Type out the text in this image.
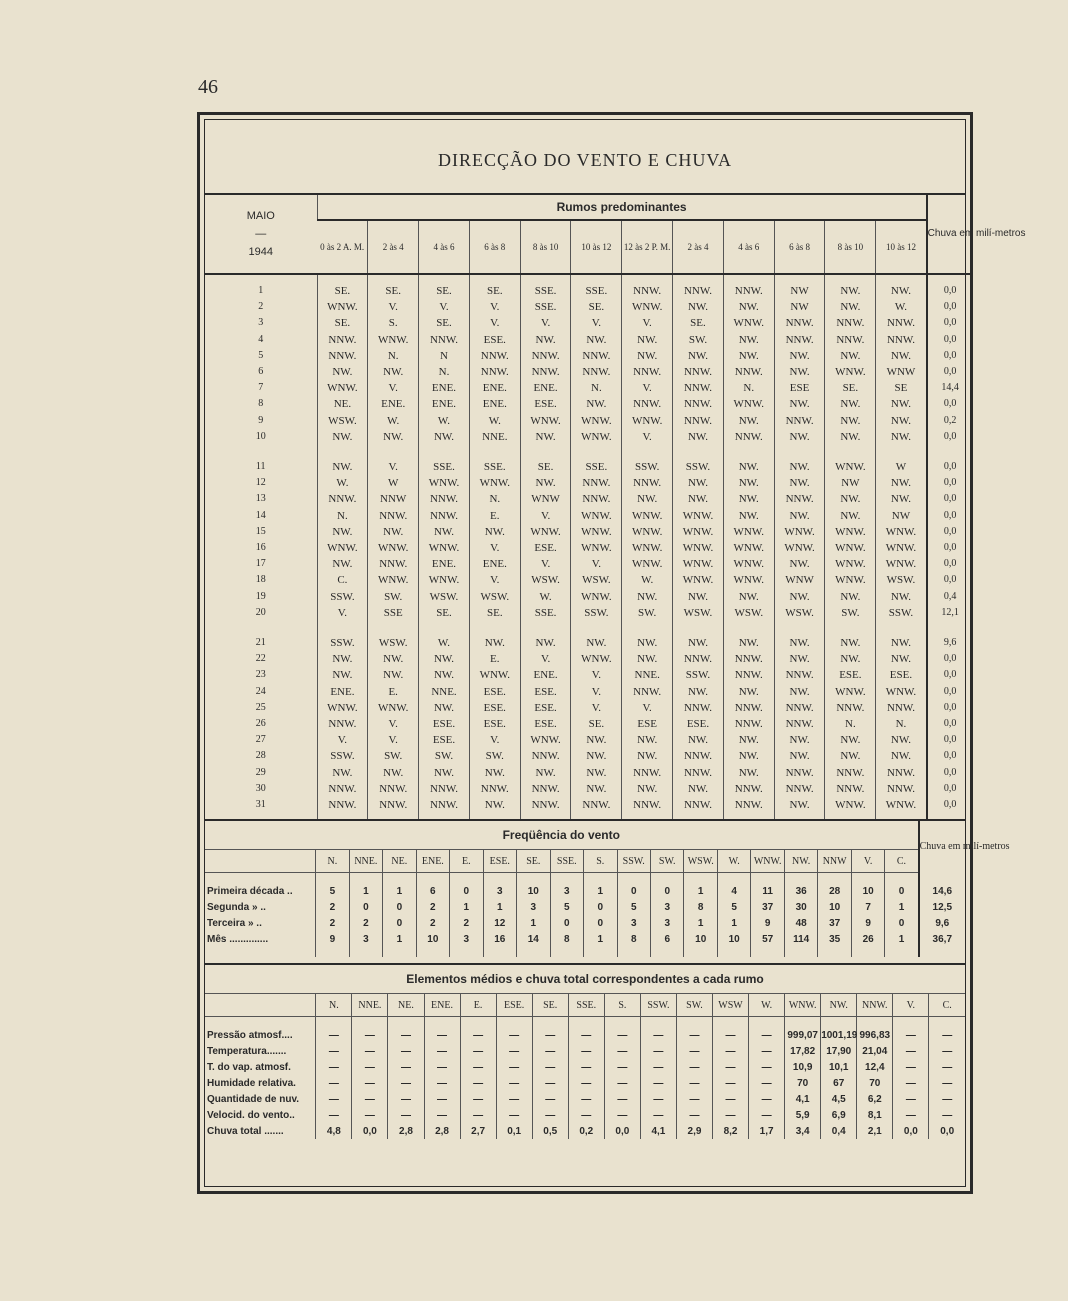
46
DIRECÇÃO DO VENTO E CHUVA
MAIO
—
1944	Rumos predominantes												Chuva em milí-metros
	0 às 2 A. M.	2 às 4	4 às 6	6 às 8	8 às 10	10 às 12	12 às 2 P. M.	2 às 4	4 às 6	6 às 8	8 às 10	10 às 12	
1	SE.	SE.	SE.	SE.	SSE.	SSE.	NNW.	NNW.	NNW.	NW	NW.	NW.	0,0
2	WNW.	V.	V.	V.	SSE.	SE.	WNW.	NW.	NW.	NW	NW.	W.	0,0
3	SE.	S.	SE.	V.	V.	V.	V.	SE.	WNW.	NNW.	NNW.	NNW.	0,0
4	NNW.	WNW.	NNW.	ESE.	NW.	NW.	NW.	SW.	NW.	NNW.	NNW.	NNW.	0,0
5	NNW.	N.	N	NNW.	NNW.	NNW.	NW.	NW.	NW.	NW.	NW.	NW.	0,0
6	NW.	NW.	N.	NNW.	NNW.	NNW.	NNW.	NNW.	NNW.	NW.	WNW.	WNW	0,0
7	WNW.	V.	ENE.	ENE.	ENE.	N.	V.	NNW.	N.	ESE	SE.	SE	14,4
8	NE.	ENE.	ENE.	ENE.	ESE.	NW.	NNW.	NNW.	WNW.	NW.	NW.	NW.	0,0
9	WSW.	W.	W.	W.	WNW.	WNW.	WNW.	NNW.	NW.	NNW.	NW.	NW.	0,2
10	NW.	NW.	NW.	NNE.	NW.	WNW.	V.	NW.	NNW.	NW.	NW.	NW.	0,0

11	NW.	V.	SSE.	SSE.	SE.	SSE.	SSW.	SSW.	NW.	NW.	WNW.	W	0,0
12	W.	W	WNW.	WNW.	NW.	NNW.	NNW.	NW.	NW.	NW.	NW	NW.	0,0
13	NNW.	NNW	NNW.	N.	WNW	NNW.	NW.	NW.	NW.	NNW.	NW.	NW.	0,0
14	N.	NNW.	NNW.	E.	V.	WNW.	WNW.	WNW.	NW.	NW.	NW.	NW	0,0
15	NW.	NW.	NW.	NW.	WNW.	WNW.	WNW.	WNW.	WNW.	WNW.	WNW.	WNW.	0,0
16	WNW.	WNW.	WNW.	V.	ESE.	WNW.	WNW.	WNW.	WNW.	WNW.	WNW.	WNW.	0,0
17	NW.	NNW.	ENE.	ENE.	V.	V.	WNW.	WNW.	WNW.	NW.	WNW.	WNW.	0,0
18	C.	WNW.	WNW.	V.	WSW.	WSW.	W.	WNW.	WNW.	WNW	WNW.	WSW.	0,0
19	SSW.	SW.	WSW.	WSW.	W.	WNW.	NW.	NW.	NW.	NW.	NW.	NW.	0,4
20	V.	SSE	SE.	SE.	SSE.	SSW.	SW.	WSW.	WSW.	WSW.	SW.	SSW.	12,1

21	SSW.	WSW.	W.	NW.	NW.	NW.	NW.	NW.	NW.	NW.	NW.	NW.	9,6
22	NW.	NW.	NW.	E.	V.	WNW.	NW.	NNW.	NNW.	NW.	NW.	NW.	0,0
23	NW.	NW.	NW.	WNW.	ENE.	V.	NNE.	SSW.	NNW.	NNW.	ESE.	ESE.	0,0
24	ENE.	E.	NNE.	ESE.	ESE.	V.	NNW.	NW.	NW.	NW.	WNW.	WNW.	0,0
25	WNW.	WNW.	NW.	ESE.	ESE.	V.	V.	NNW.	NNW.	NNW.	NNW.	NNW.	0,0
26	NNW.	V.	ESE.	ESE.	ESE.	SE.	ESE	ESE.	NNW.	NNW.	N.	N.	0,0
27	V.	V.	ESE.	V.	WNW.	NW.	NW.	NW.	NW.	NW.	NW.	NW.	0,0
28	SSW.	SW.	SW.	SW.	NNW.	NW.	NW.	NNW.	NW.	NW.	NW.	NW.	0,0
29	NW.	NW.	NW.	NW.	NW.	NW.	NNW.	NNW.	NW.	NNW.	NNW.	NNW.	0,0
30	NNW.	NNW.	NNW.	NNW.	NNW.	NW.	NW.	NW.	NNW.	NNW.	NNW.	NNW.	0,0
31	NNW.	NNW.	NNW.	NW.	NNW.	NNW.	NNW.	NNW.	NNW.	NW.	WNW.	WNW.	0,0
Freqüência do vento																			Chuva em milí-metros
	N.	NNE.	NE.	ENE.	E.	ESE.	SE.	SSE.	S.	SSW.	SW.	WSW.	W.	WNW.	NW.	NNW	V.	C.	

Primeira década ..	5	1	1	6	0	3	10	3	1	0	0	1	4	11	36	28	10	0	14,6
Segunda » ..	2	0	0	2	1	1	3	5	0	5	3	8	5	37	30	10	7	1	12,5
Terceira » ..	2	2	0	2	2	12	1	0	0	3	3	1	1	9	48	37	9	0	9,6
Mês ..............	9	3	1	10	3	16	14	8	1	8	6	10	10	57	114	35	26	1	36,7

Elementos médios e chuva total correspondentes a cada rumo																		
	N.	NNE.	NE.	ENE.	E.	ESE.	SE.	SSE.	S.	SSW.	SW.	WSW	W.	WNW.	NW.	NNW.	V.	C.

Pressão atmosf....	—	—	—	—	—	—	—	—	—	—	—	—	—	999,07	1001,19	996,83	—	—
Temperatura.......	—	—	—	—	—	—	—	—	—	—	—	—	—	17,82	17,90	21,04	—	—
T. do vap. atmosf.	—	—	—	—	—	—	—	—	—	—	—	—	—	10,9	10,1	12,4	—	—
Humidade relativa.	—	—	—	—	—	—	—	—	—	—	—	—	—	70	67	70	—	—
Quantidade de nuv.	—	—	—	—	—	—	—	—	—	—	—	—	—	4,1	4,5	6,2	—	—
Velocid. do vento..	—	—	—	—	—	—	—	—	—	—	—	—	—	5,9	6,9	8,1	—	—
Chuva total .......	4,8	0,0	2,8	2,8	2,7	0,1	0,5	0,2	0,0	4,1	2,9	8,2	1,7	3,4	0,4	2,1	0,0	0,0
